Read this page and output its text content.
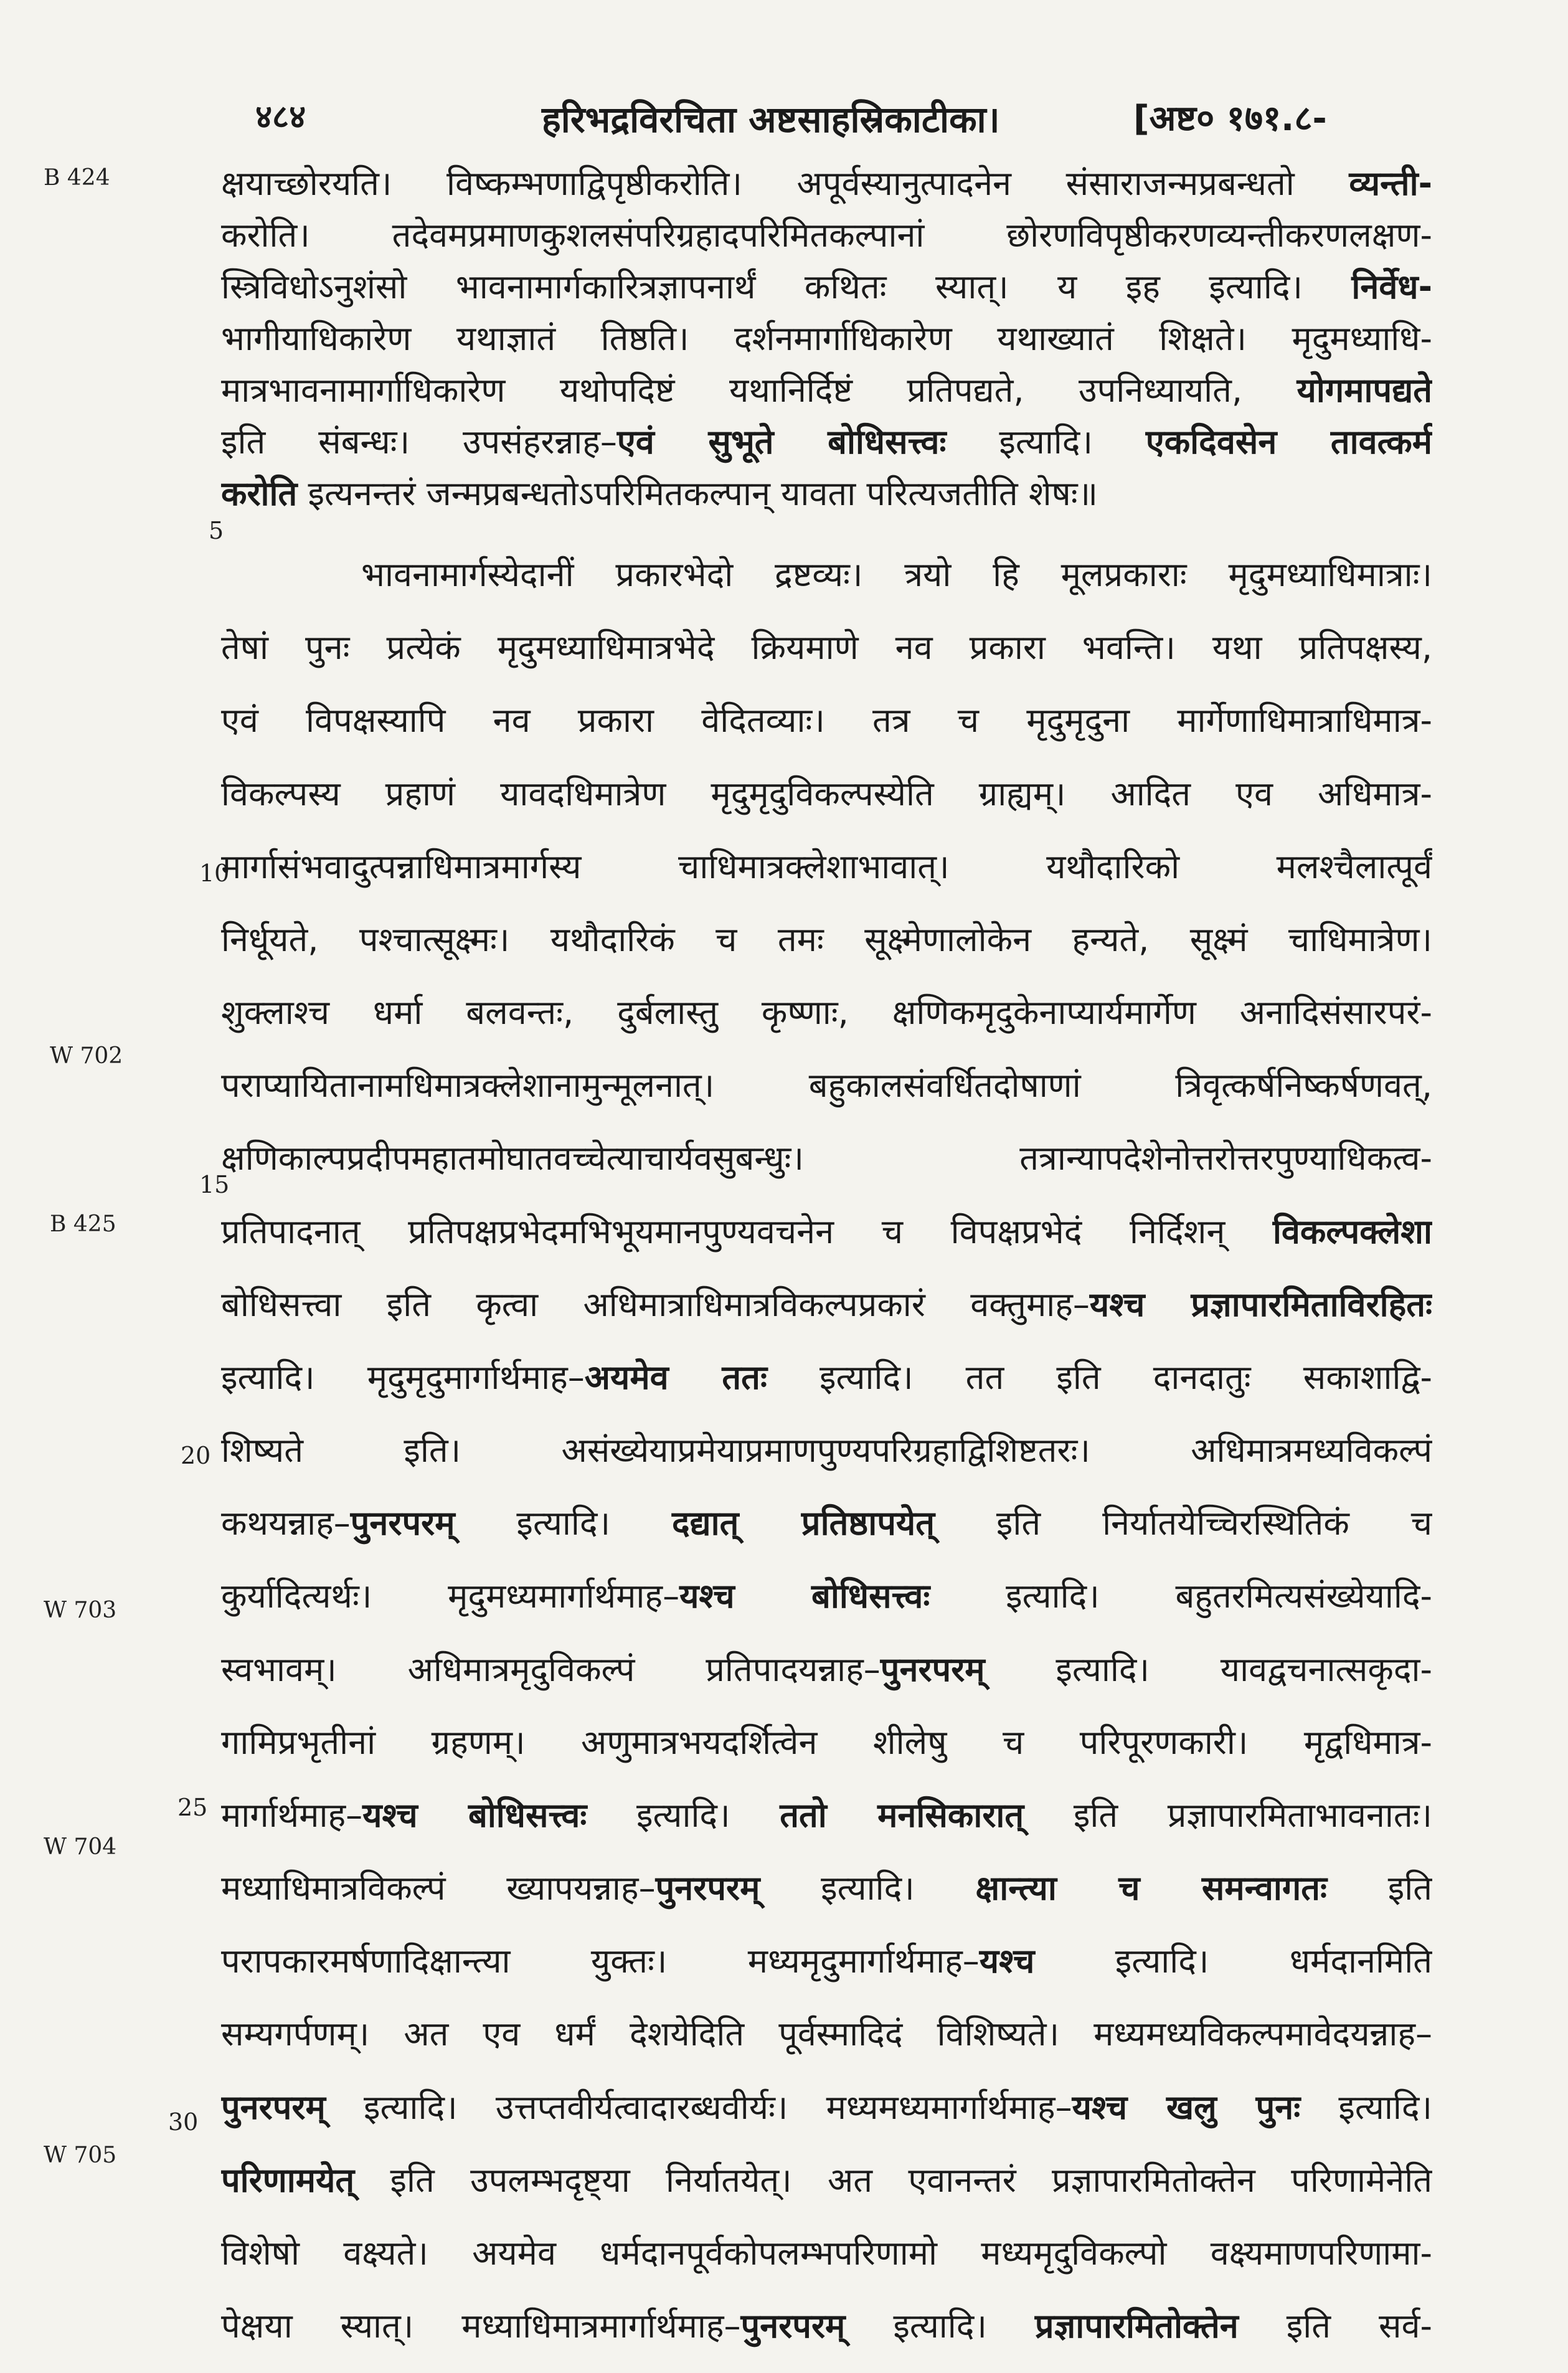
४८४	हरिभद्रविरचिता अष्टसाहस्रिकाटीका।	[अष्ट० १७१.८-
B 424
W 702
B 425
W 703
W 704
W 705
5
10
15
20
25
30
क्षयाच्छोरयति। विष्कम्भणाद्विपृष्ठीकरोति। अपूर्वस्यानुत्पादनेन संसाराजन्मप्रबन्धतो व्यन्ती-
करोति। तदेवमप्रमाणकुशलसंपरिग्रहादपरिमितकल्पानां छोरणविपृष्ठीकरणव्यन्तीकरणलक्षण-
स्त्रिविधोऽनुशंसो भावनामार्गकारित्रज्ञापनार्थं कथितः स्यात्। य इह इत्यादि। निर्वेध-
भागीयाधिकारेण यथाज्ञातं तिष्ठति। दर्शनमार्गाधिकारेण यथाख्यातं शिक्षते। मृदुमध्याधि-
मात्रभावनामार्गाधिकारेण यथोपदिष्टं यथानिर्दिष्टं प्रतिपद्यते, उपनिध्यायति, योगमापद्यते
इति संबन्धः। उपसंहरन्नाह–एवं सुभूते बोधिसत्त्वः इत्यादि। एकदिवसेन तावत्कर्म
करोति इत्यनन्तरं जन्मप्रबन्धतोऽपरिमितकल्पान् यावता परित्यजतीति शेषः॥
भावनामार्गस्येदानीं प्रकारभेदो द्रष्टव्यः। त्रयो हि मूलप्रकाराः मृदुमध्याधिमात्राः।
तेषां पुनः प्रत्येकं मृदुमध्याधिमात्रभेदे क्रियमाणे नव प्रकारा भवन्ति। यथा प्रतिपक्षस्य,
एवं विपक्षस्यापि नव प्रकारा वेदितव्याः। तत्र च मृदुमृदुना मार्गेणाधिमात्राधिमात्र-
विकल्पस्य प्रहाणं यावदधिमात्रेण मृदुमृदुविकल्पस्येति ग्राह्यम्। आदित एव अधिमात्र-
मार्गासंभवादुत्पन्नाधिमात्रमार्गस्य चाधिमात्रक्लेशाभावात्। यथौदारिको मलश्चैलात्पूर्वं
निर्धूयते, पश्चात्सूक्ष्मः। यथौदारिकं च तमः सूक्ष्मेणालोकेन हन्यते, सूक्ष्मं चाधिमात्रेण।
शुक्लाश्च धर्मा बलवन्तः, दुर्बलास्तु कृष्णाः, क्षणिकमृदुकेनाप्यार्यमार्गेण अनादिसंसारपरं-
पराप्यायितानामधिमात्रक्लेशानामुन्मूलनात्। बहुकालसंवर्धितदोषाणां त्रिवृत्कर्षनिष्कर्षणवत्,
क्षणिकाल्पप्रदीपमहातमोघातवच्चेत्याचार्यवसुबन्धुः। तत्रान्यापदेशेनोत्तरोत्तरपुण्याधिकत्व-
प्रतिपादनात् प्रतिपक्षप्रभेदमभिभूयमानपुण्यवचनेन च विपक्षप्रभेदं निर्दिशन् विकल्पक्लेशा
बोधिसत्त्वा इति कृत्वा अधिमात्राधिमात्रविकल्पप्रकारं वक्तुमाह–यश्च प्रज्ञापारमिताविरहितः
इत्यादि। मृदुमृदुमार्गार्थमाह–अयमेव ततः इत्यादि। तत इति दानदातुः सकाशाद्वि-
शिष्यते इति। असंख्येयाप्रमेयाप्रमाणपुण्यपरिग्रहाद्विशिष्टतरः। अधिमात्रमध्यविकल्पं
कथयन्नाह–पुनरपरम् इत्यादि। दद्यात् प्रतिष्ठापयेत् इति निर्यातयेच्चिरस्थितिकं च
कुर्यादित्यर्थः। मृदुमध्यमार्गार्थमाह–यश्च बोधिसत्त्वः इत्यादि। बहुतरमित्यसंख्येयादि-
स्वभावम्। अधिमात्रमृदुविकल्पं प्रतिपादयन्नाह–पुनरपरम् इत्यादि। यावद्वचनात्सकृदा-
गामिप्रभृतीनां ग्रहणम्। अणुमात्रभयदर्शित्वेन शीलेषु च परिपूरणकारी। मृद्वधिमात्र-
मार्गार्थमाह–यश्च बोधिसत्त्वः इत्यादि। ततो मनसिकारात् इति प्रज्ञापारमिताभावनातः।
मध्याधिमात्रविकल्पं ख्यापयन्नाह–पुनरपरम् इत्यादि। क्षान्त्या च समन्वागतः इति
परापकारमर्षणादिक्षान्त्या युक्तः। मध्यमृदुमार्गार्थमाह–यश्च इत्यादि। धर्मदानमिति
सम्यगर्पणम्। अत एव धर्मं देशयेदिति पूर्वस्मादिदं विशिष्यते। मध्यमध्यविकल्पमावेदयन्नाह–
पुनरपरम् इत्यादि। उत्तप्तवीर्यत्वादारब्धवीर्यः। मध्यमध्यमार्गार्थमाह–यश्च खलु पुनः इत्यादि।
परिणामयेत् इति उपलम्भदृष्ट्या निर्यातयेत्। अत एवानन्तरं प्रज्ञापारमितोक्तेन परिणामेनेति
विशेषो वक्ष्यते। अयमेव धर्मदानपूर्वकोपलम्भपरिणामो मध्यमृदुविकल्पो वक्ष्यमाणपरिणामा-
पेक्षया स्यात्। मध्याधिमात्रमार्गार्थमाह–पुनरपरम् इत्यादि। प्रज्ञापारमितोक्तेन इति सर्व-
